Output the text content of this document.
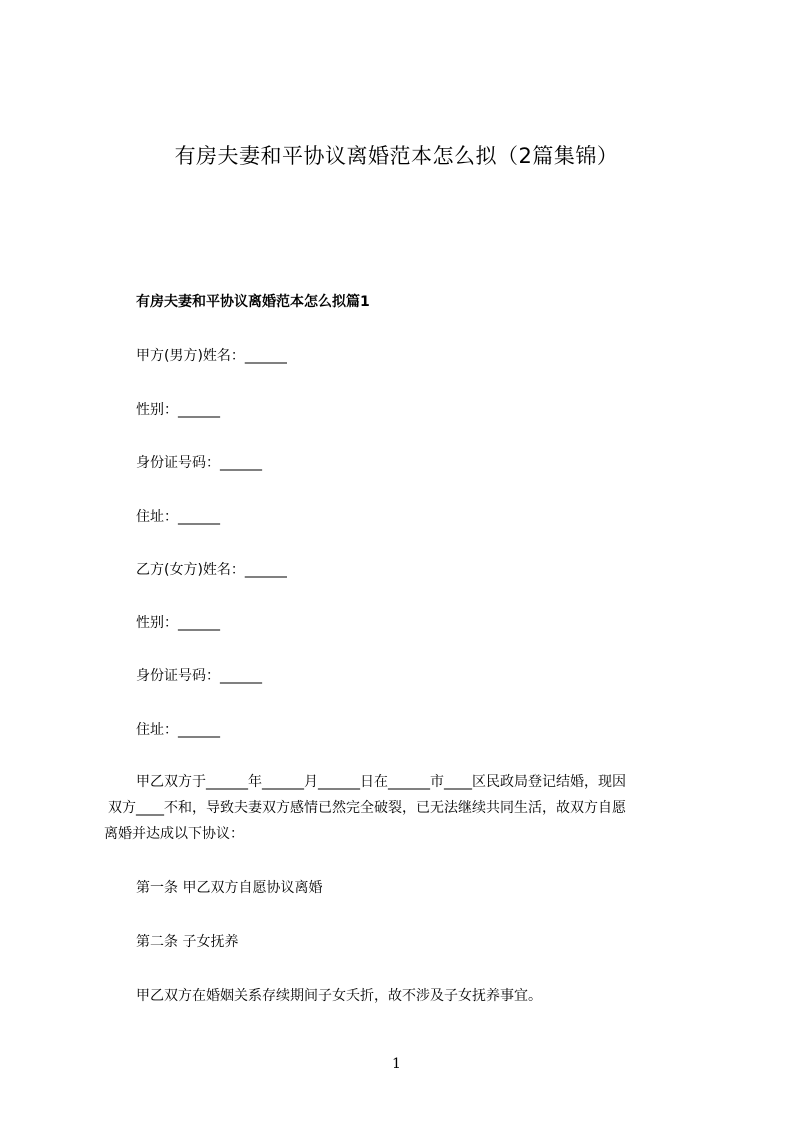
有房夫妻和平协议离婚范本怎么拟（2篇集锦）
有房夫妻和平协议离婚范本怎么拟篇1
甲方(男方)姓名：______
性别：______
身份证号码：______
住址：______
乙方(女方)姓名：______
性别：______
身份证号码：______
住址：______
甲乙双方于______年______月______日在______市____区民政局登记结婚，现因
双方____不和，导致夫妻双方感情已然完全破裂，已无法继续共同生活，故双方自愿
离婚并达成以下协议：
第一条 甲乙双方自愿协议离婚
第二条 子女抚养
甲乙双方在婚姻关系存续期间子女夭折，故不涉及子女抚养事宜。
1
